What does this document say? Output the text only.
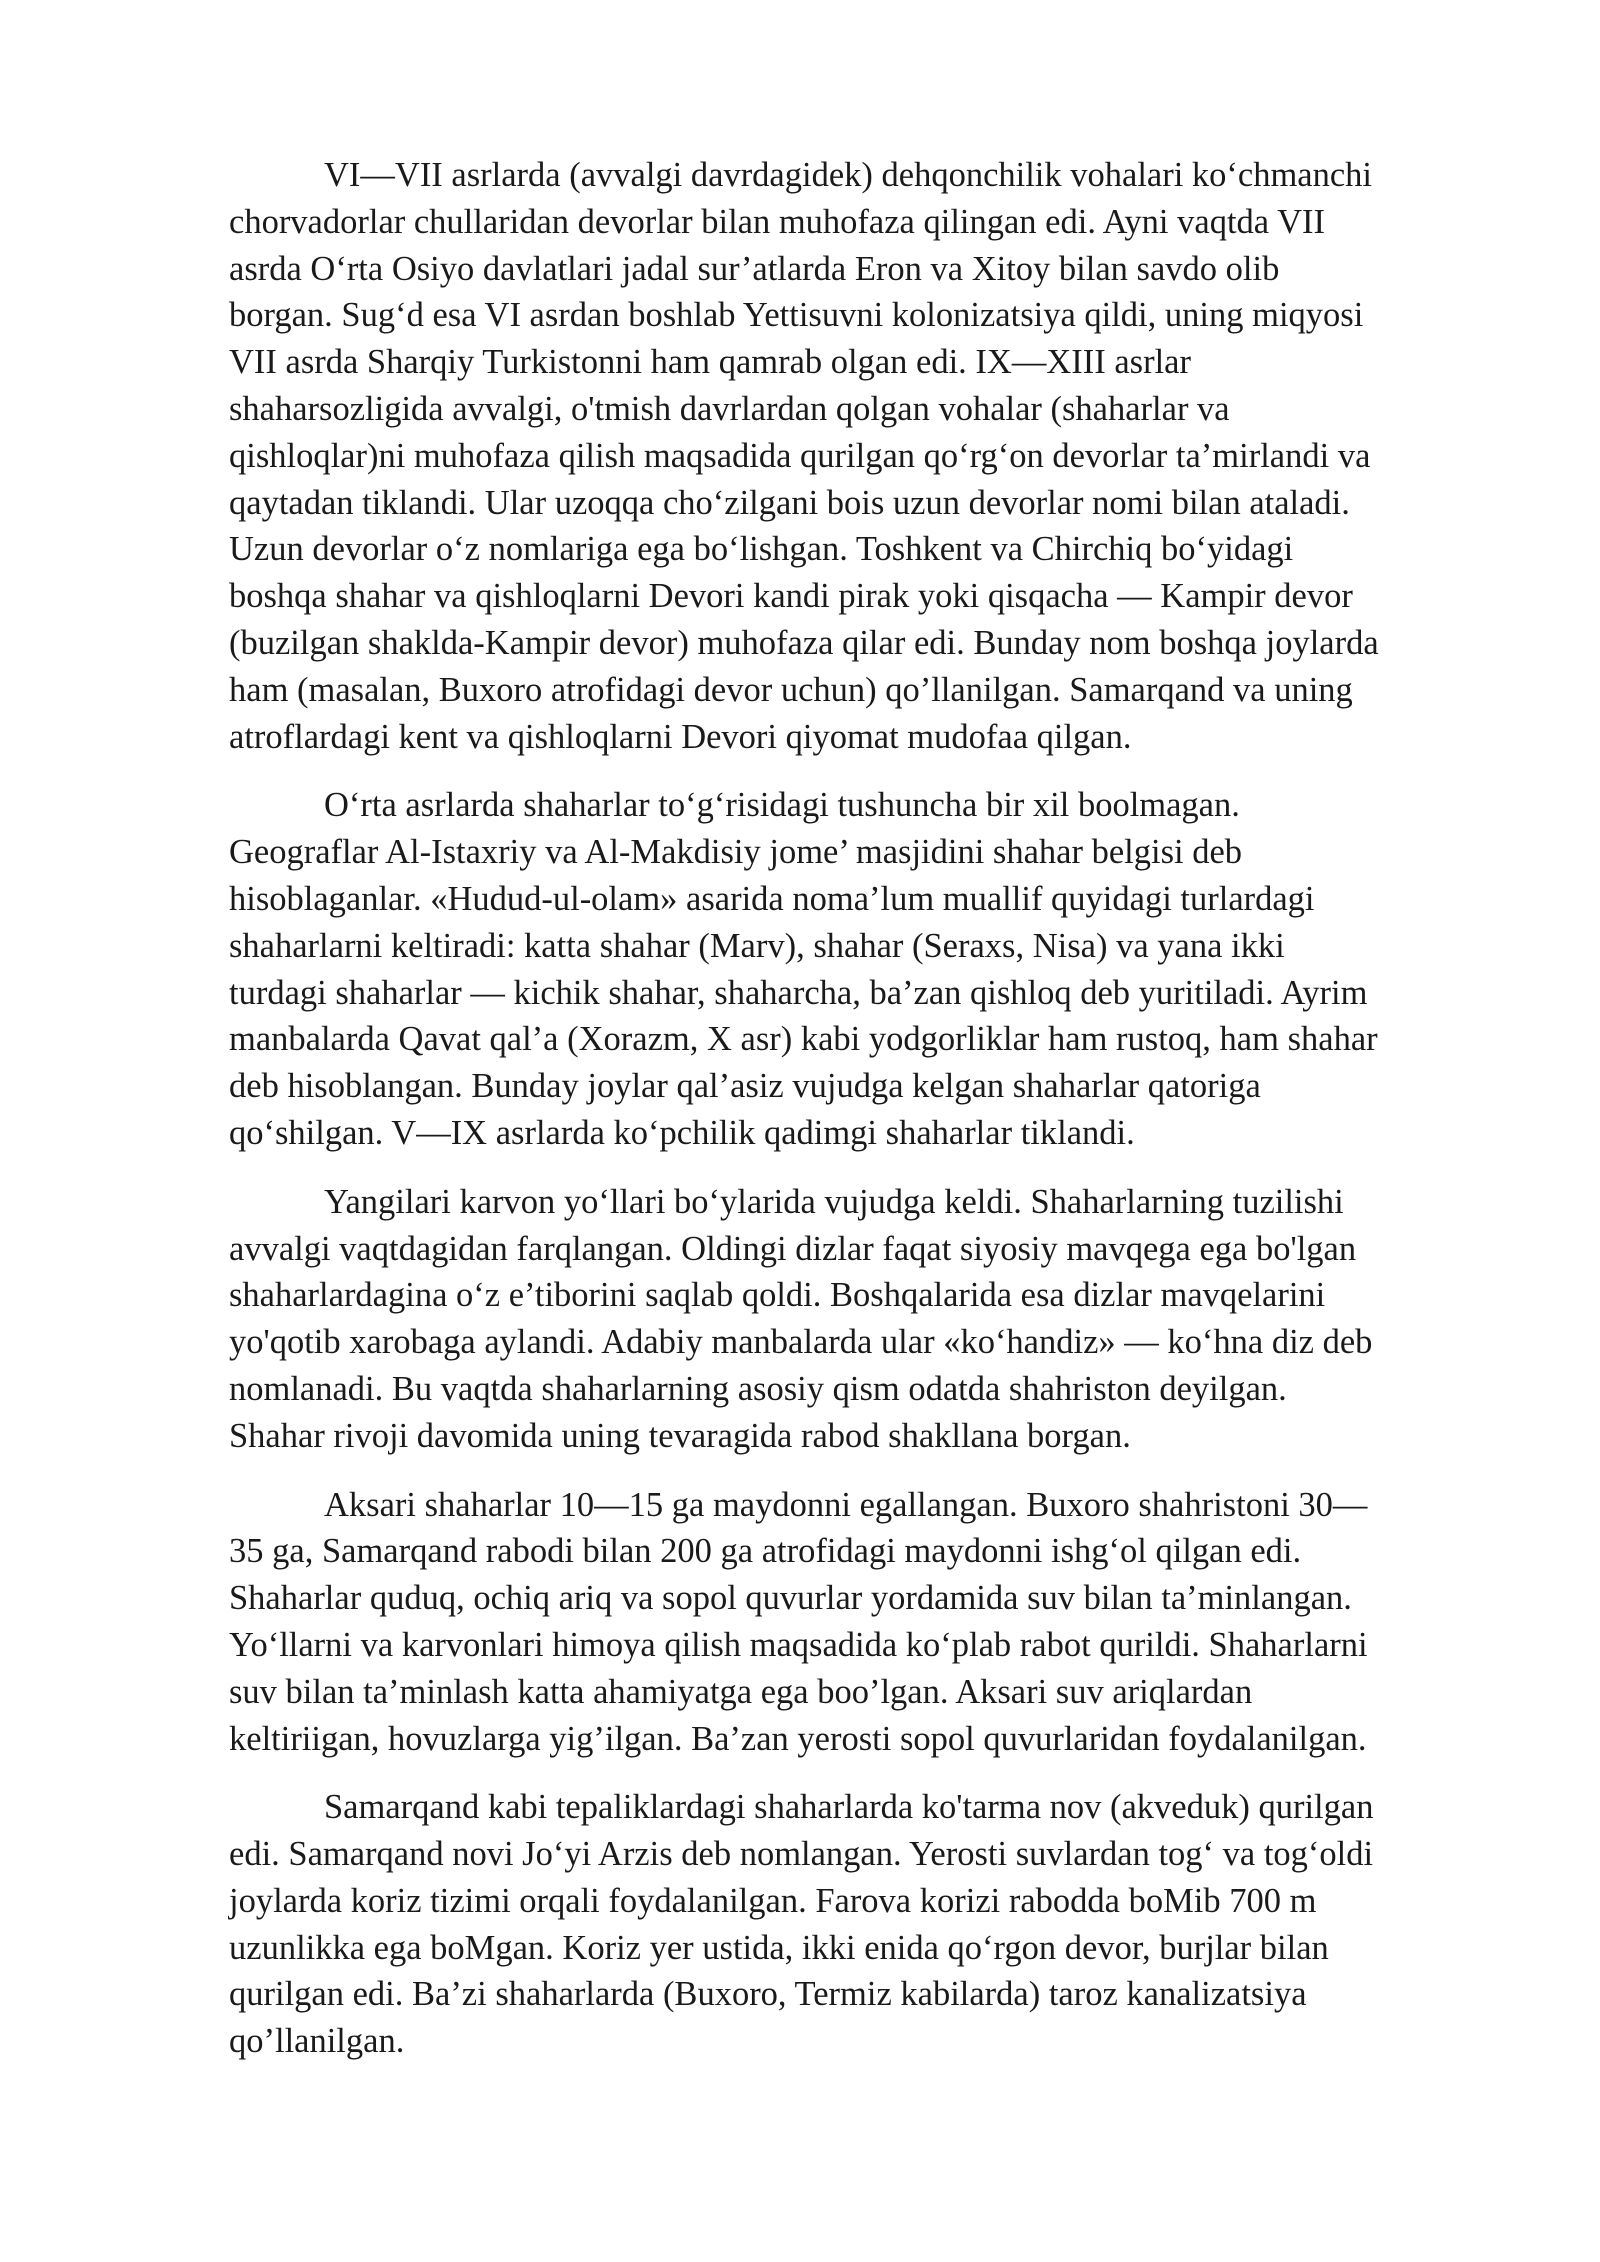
VI—VII asrlarda (avvalgi davrdagidek) dehqonchilik vohalari ko‘chmanchi
chorvadorlar chullaridan devorlar bilan muhofaza qilingan edi. Ayni vaqtda VII
asrda O‘rta Osiyo davlatlari jadal sur’atlarda Eron va Xitoy bilan savdo olib
borgan. Sug‘d esa VI asrdan boshlab Yettisuvni kolonizatsiya qildi, uning miqyosi
VII asrda Sharqiy Turkistonni ham qamrab olgan edi. IX—XIII asrlar
shaharsozligida avvalgi, o'tmish davrlardan qolgan vohalar (shaharlar va
qishloqlar)ni muhofaza qilish maqsadida qurilgan qo‘rg‘on devorlar ta’mirlandi va
qaytadan tiklandi. Ular uzoqqa cho‘zilgani bois uzun devorlar nomi bilan ataladi.
Uzun devorlar o‘z nomlariga ega bo‘lishgan. Toshkent va Chirchiq bo‘yidagi
boshqa shahar va qishloqlarni Devori kandi pirak yoki qisqacha — Kampir devor
(buzilgan shaklda-Kampir devor) muhofaza qilar edi. Bunday nom boshqa joylarda
ham (masalan, Buxoro atrofidagi devor uchun) qo’llanilgan. Samarqand va uning
atroflardagi kent va qishloqlarni Devori qiyomat mudofaa qilgan.

O‘rta asrlarda shaharlar to‘g‘risidagi tushuncha bir xil boolmagan.
Geograflar Al-Istaxriy va Al-Makdisiy jome’ masjidini shahar belgisi deb
hisoblaganlar. «Hudud-ul-olam» asarida noma’lum muallif quyidagi turlardagi
shaharlarni keltiradi: katta shahar (Marv), shahar (Seraxs, Nisa) va yana ikki
turdagi shaharlar — kichik shahar, shaharcha, ba’zan qishloq deb yuritiladi. Ayrim
manbalarda Qavat qal’a (Xorazm, X asr) kabi yodgorliklar ham rustoq, ham shahar
deb hisoblangan. Bunday joylar qal’asiz vujudga kelgan shaharlar qatoriga
qo‘shilgan. V—IX asrlarda ko‘pchilik qadimgi shaharlar tiklandi.

Yangilari karvon yo‘llari bo‘ylarida vujudga keldi. Shaharlarning tuzilishi
avvalgi vaqtdagidan farqlangan. Oldingi dizlar faqat siyosiy mavqega ega bo'lgan
shaharlardagina o‘z e’tiborini saqlab qoldi. Boshqalarida esa dizlar mavqelarini
yo'qotib xarobaga aylandi. Adabiy manbalarda ular «ko‘handiz» — ko‘hna diz deb
nomlanadi. Bu vaqtda shaharlarning asosiy qism odatda shahriston deyilgan.
Shahar rivoji davomida uning tevaragida rabod shakllana borgan.

Aksari shaharlar 10—15 ga maydonni egallangan. Buxoro shahristoni 30—
35 ga, Samarqand rabodi bilan 200 ga atrofidagi maydonni ishg‘ol qilgan edi.
Shaharlar quduq, ochiq ariq va sopol quvurlar yordamida suv bilan ta’minlangan.
Yo‘llarni va karvonlari himoya qilish maqsadida ko‘plab rabot qurildi. Shaharlarni
suv bilan ta’minlash katta ahamiyatga ega boo’lgan. Aksari suv ariqlardan
keltiriigan, hovuzlarga yig’ilgan. Ba’zan yerosti sopol quvurlaridan foydalanilgan.

Samarqand kabi tepaliklardagi shaharlarda ko'tarma nov (akveduk) qurilgan
edi. Samarqand novi Jo‘yi Arzis deb nomlangan. Yerosti suvlardan tog‘ va tog‘oldi
joylarda koriz tizimi orqali foydalanilgan. Farova korizi rabodda boMib 700 m
uzunlikka ega boMgan. Koriz yer ustida, ikki enida qo‘rgon devor, burjlar bilan
qurilgan edi. Ba’zi shaharlarda (Buxoro, Termiz kabilarda) taroz kanalizatsiya
qo’llanilgan.
